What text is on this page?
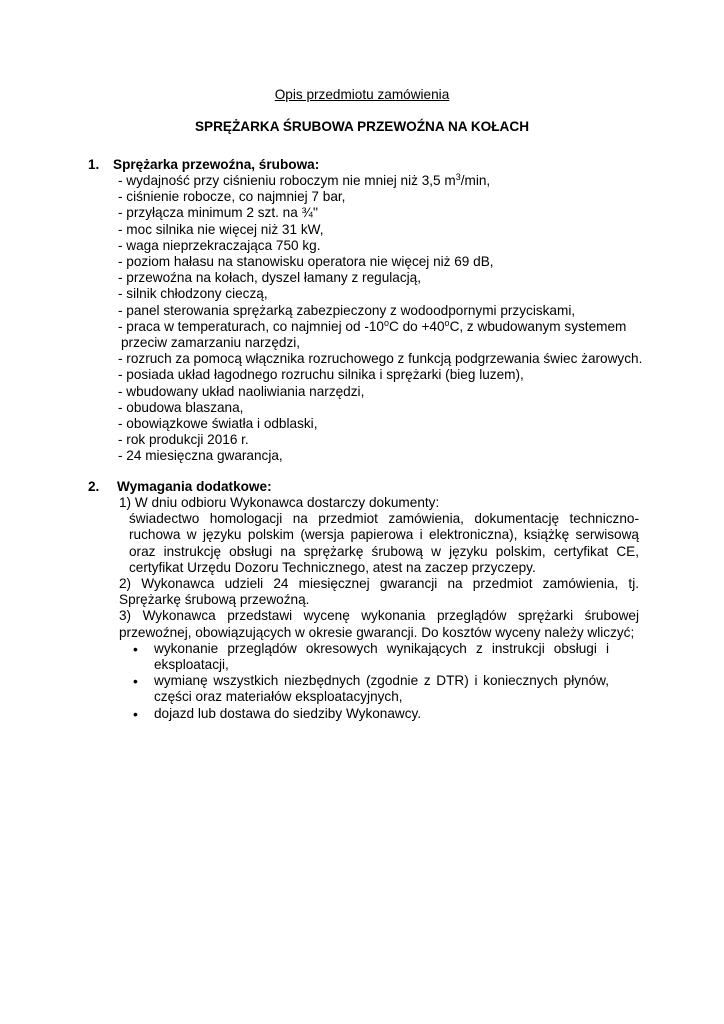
Opis przedmiotu zamówienia
SPRĘŻARKA ŚRUBOWA PRZEWOŹNA NA KOŁACH
1. Sprężarka przewoźna, śrubowa:
- wydajność przy ciśnieniu roboczym nie mniej niż 3,5 $m^3/\min$,
- ciśnienie robocze, co najmniej 7 bar,
- przyłącza minimum 2 szt. na ¾''
- moc silnika nie więcej niż 31 kW,
- waga nieprzekraczająca 750 kg.
- poziom hałasu na stanowisku operatora nie więcej niż 69 dB,
- przewoźna na kołach, dyszel łamany z regulacją,
- silnik chłodzony cieczą,
- panel sterowania sprężarką zabezpieczony z wodoodpornymi przyciskami,
- praca w temperaturach, co najmniej od -10$^o$C do $+40^oC$, z wbudowanym systemem
przeciw zamarzaniu narzędzi,
- rozruch za pomocą włącznika rozruchowego z funkcją podgrzewania świec żarowych.
- posiada układ łagodnego rozruchu silnika i sprężarki (bieg luzem),
- wbudowany układ naoliwiania narzędzi,
- obudowa blaszana,
- obowiązkowe światła i odblaski,
- rok produkcji 2016 r.
- 24 miesięczna gwarancja,
2. Wymagania dodatkowe:
1) W dniu odbioru Wykonawca dostarczy dokumenty:
świadectwo homologacji na przedmiot zamówienia, dokumentację techniczno-ruchowa w języku polskim (wersja papierowa i elektroniczna), książkę serwisową oraz instrukcję obsługi na sprężarkę śrubową w języku polskim, certyfikat CE, certyfikat Urzędu Dozoru Technicznego, atest na zaczep przyczepy.
2) Wykonawca udzieli 24 miesięcznej gwarancji na przedmiot zamówienia, tj. Sprężarkę śrubową przewoźną.
3) Wykonawca przedstawi wycenę wykonania przeglądów sprężarki śrubowej przewoźnej, obowiązujących w okresie gwarancji. Do kosztów wyceny należy wliczyć;
• wykonanie przeglądów okresowych wynikających z instrukcji obsługi i eksploatacji,
• wymianę wszystkich niezbędnych (zgodnie z DTR) i koniecznych płynów, części oraz materiałów eksploatacyjnych,
• dojazd lub dostawa do siedziby Wykonawcy.
